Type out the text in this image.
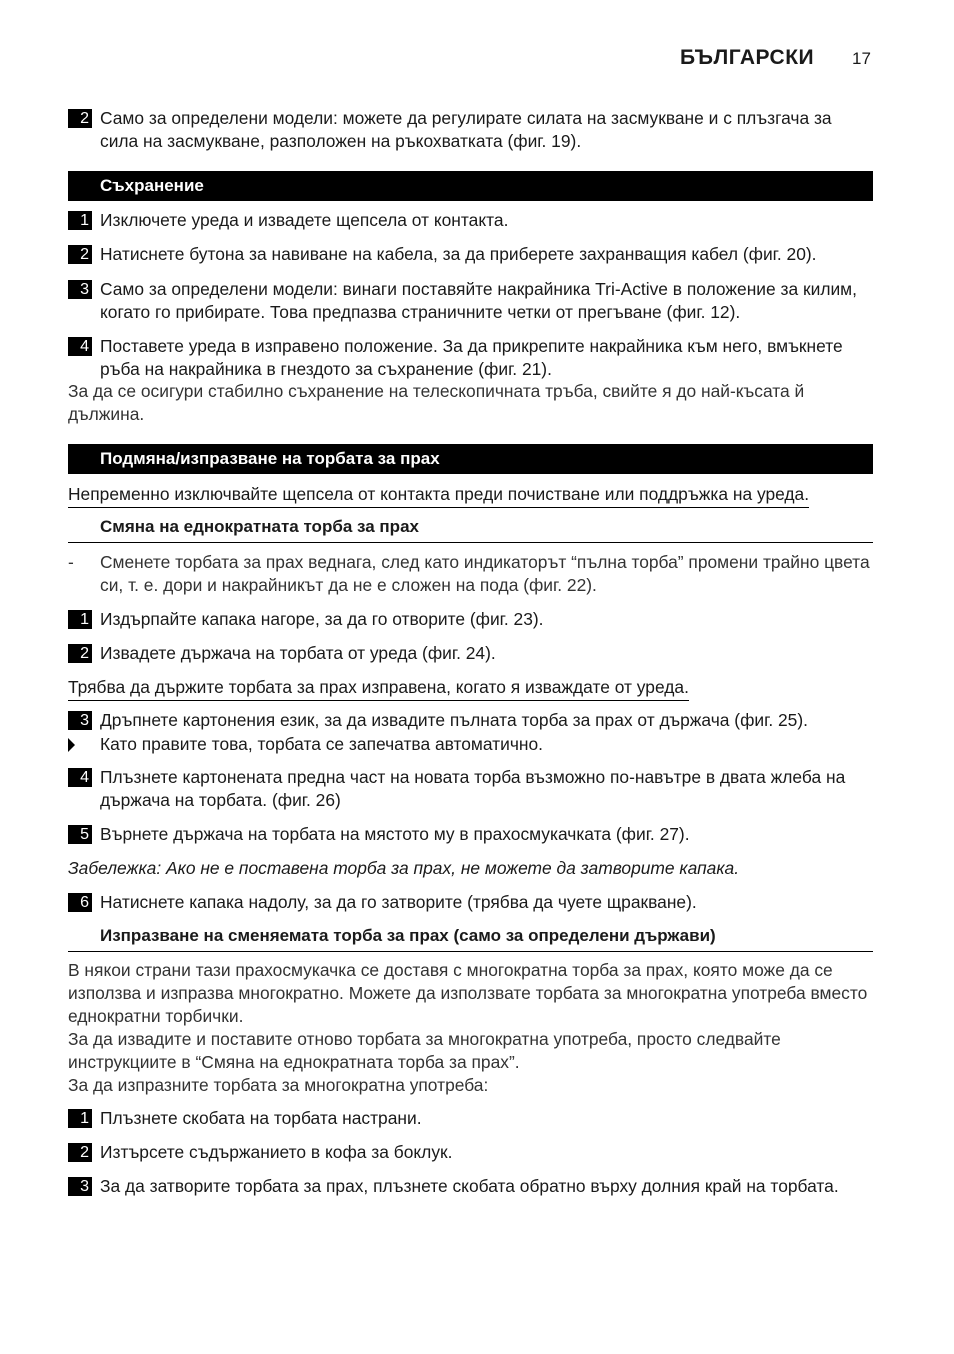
БЪЛГАРСКИ 17
2 Само за определени модели: можете да регулирате силата на засмукване и с плъзгача за сила на засмукване, разположен на ръкохватката (фиг. 19).
Съхранение
1 Изключете уреда и извадете щепсела от контакта.
2 Натиснете бутона за навиване на кабела, за да приберете захранващия кабел (фиг. 20).
3 Само за определени модели: винаги поставяйте накрайника Tri-Active в положение за килим, когато го прибирате. Това предпазва страничните четки от прегъване (фиг. 12).
4 Поставете уреда в изправено положение. За да прикрепите накрайника към него, вмъкнете ръба на накрайника в гнездото за съхранение (фиг. 21).
За да се осигури стабилно съхранение на телескопичната тръба, свийте я до най-късата й дължина.
Подмяна/изпразване на торбата за прах
Непременно изключвайте щепсела от контакта преди почистване или поддръжка на уреда.
Смяна на еднократната торба за прах
- Сменете торбата за прах веднага, след като индикаторът “пълна торба” промени трайно цвета си, т. е. дори и накрайникът да не е сложен на пода (фиг. 22).
1 Издърпайте капака нагоре, за да го отворите (фиг. 23).
2 Извадете държача на торбата от уреда (фиг. 24).
Трябва да държите торбата за прах изправена, когато я изваждате от уреда.
3 Дръпнете картонения език, за да извадите пълната торба за прах от държача (фиг. 25).
Като правите това, торбата се запечатва автоматично.
4 Плъзнете картонената предна част на новата торба възможно по-навътре в двата жлеба на държача на торбата. (фиг. 26)
5 Върнете държача на торбата на мястото му в прахосмукачката (фиг. 27).
Забележка: Ако не е поставена торба за прах, не можете да затворите капака.
6 Натиснете капака надолу, за да го затворите (трябва да чуете щракване).
Изпразване на сменяемата торба за прах (само за определени държави)
В някои страни тази прахосмукачка се доставя с многократна торба за прах, която може да се използва и изпразва многократно. Можете да използвате торбата за многократна употреба вместо еднократни торбички.
За да извадите и поставите отново торбата за многократна употреба, просто следвайте инструкциите в “Смяна на еднократната торба за прах”.
За да изпразните торбата за многократна употреба:
1 Плъзнете скобата на торбата настрани.
2 Изтърсете съдържанието в кофа за боклук.
3 За да затворите торбата за прах, плъзнете скобата обратно върху долния край на торбата.
